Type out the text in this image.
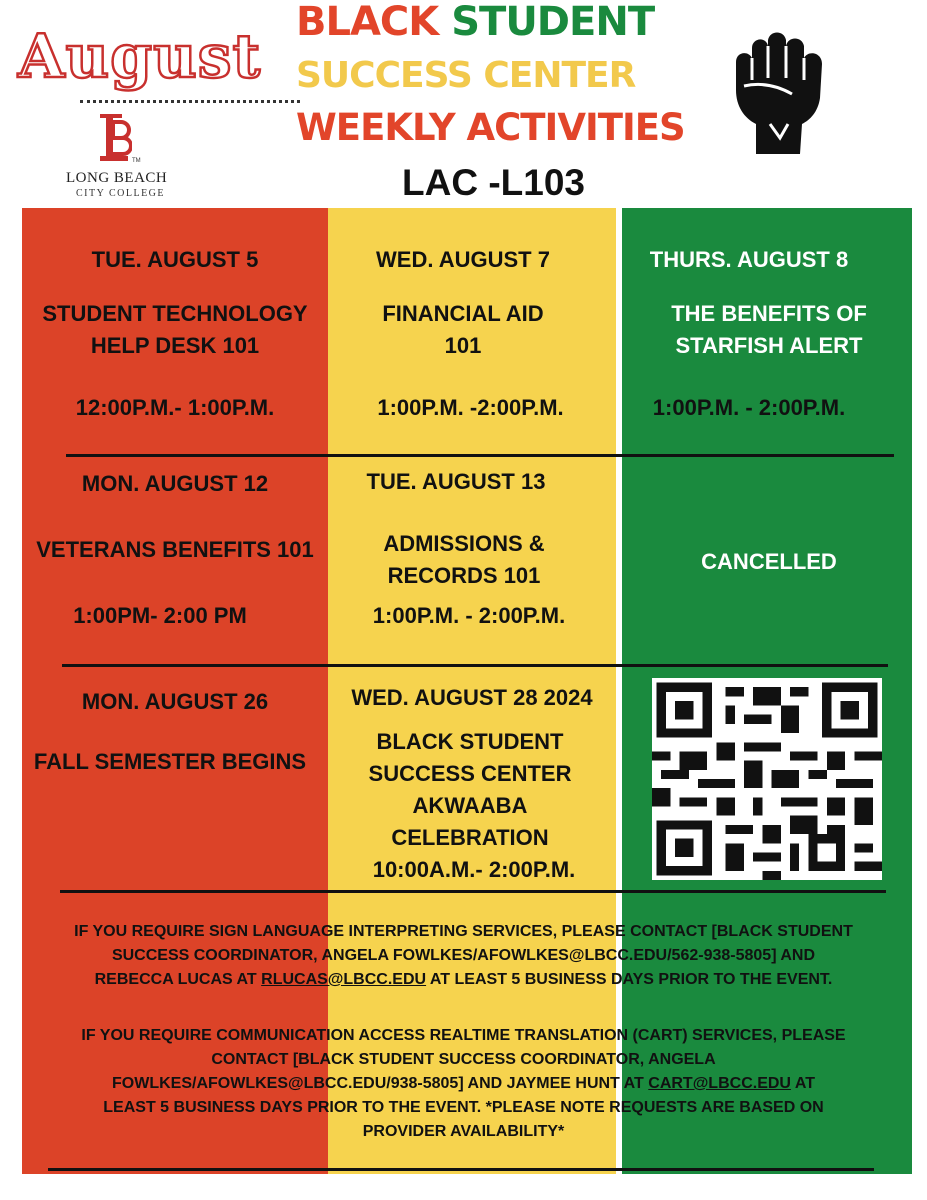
August
TM
LONG BEACH
CITY COLLEGE
BLACK STUDENT
SUCCESS CENTER
WEEKLY ACTIVITIES
LAC -L103
TUE. AUGUST 5
STUDENT TECHNOLOGY
HELP DESK 101
12:00P.M.- 1:00P.M.
WED. AUGUST 7
FINANCIAL AID
101
1:00P.M. -2:00P.M.
THURS. AUGUST 8
THE BENEFITS OF
STARFISH ALERT
1:00P.M. - 2:00P.M.
MON. AUGUST 12
VETERANS BENEFITS 101
1:00PM- 2:00 PM
TUE. AUGUST 13
ADMISSIONS &
RECORDS 101
1:00P.M. - 2:00P.M.
CANCELLED
MON. AUGUST 26
FALL SEMESTER BEGINS
WED. AUGUST 28 2024
BLACK STUDENT
SUCCESS CENTER
AKWAABA
CELEBRATION
10:00A.M.- 2:00P.M.
IF YOU REQUIRE SIGN LANGUAGE INTERPRETING SERVICES, PLEASE CONTACT [BLACK STUDENT
SUCCESS COORDINATOR, ANGELA FOWLKES/AFOWLKES@LBCC.EDU/562-938-5805] AND
REBECCA LUCAS AT RLUCAS@LBCC.EDU AT LEAST 5 BUSINESS DAYS PRIOR TO THE EVENT.
IF YOU REQUIRE COMMUNICATION ACCESS REALTIME TRANSLATION (CART) SERVICES, PLEASE
CONTACT [BLACK STUDENT SUCCESS COORDINATOR, ANGELA
FOWLKES/AFOWLKES@LBCC.EDU/938-5805] AND JAYMEE HUNT AT CART@LBCC.EDU AT
LEAST 5 BUSINESS DAYS PRIOR TO THE EVENT. *PLEASE NOTE REQUESTS ARE BASED ON
PROVIDER AVAILABILITY*
